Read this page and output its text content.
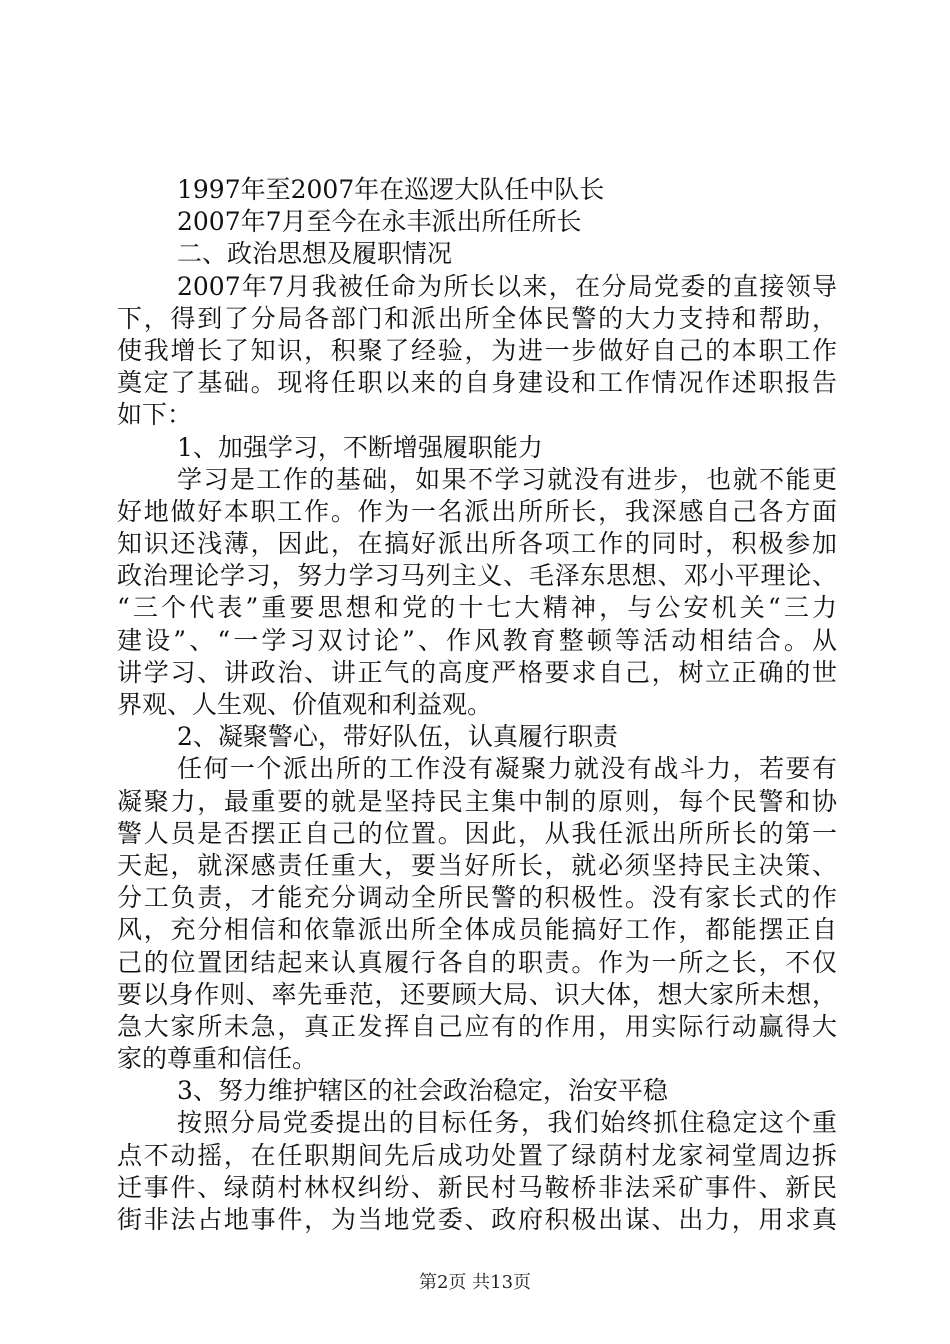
1997年至2007年在巡逻大队任中队长
2007年7月至今在永丰派出所任所长
二、政治思想及履职情况
2007年7月我被任命为所长以来，在分局党委的直接领导
下，得到了分局各部门和派出所全体民警的大力支持和帮助，
使我增长了知识，积聚了经验，为进一步做好自己的本职工作
奠定了基础。现将任职以来的自身建设和工作情况作述职报告
如下：
1、加强学习，不断增强履职能力
学习是工作的基础，如果不学习就没有进步，也就不能更
好地做好本职工作。作为一名派出所所长，我深感自己各方面
知识还浅薄，因此，在搞好派出所各项工作的同时，积极参加
政治理论学习，努力学习马列主义、毛泽东思想、邓小平理论、
“三个代表”重要思想和党的十七大精神，与公安机关“三力
建设”、“一学习双讨论”、作风教育整顿等活动相结合。从
讲学习、讲政治、讲正气的高度严格要求自己，树立正确的世
界观、人生观、价值观和利益观。
2、凝聚警心，带好队伍，认真履行职责
任何一个派出所的工作没有凝聚力就没有战斗力，若要有
凝聚力，最重要的就是坚持民主集中制的原则，每个民警和协
警人员是否摆正自己的位置。因此，从我任派出所所长的第一
天起，就深感责任重大，要当好所长，就必须坚持民主决策、
分工负责，才能充分调动全所民警的积极性。没有家长式的作
风，充分相信和依靠派出所全体成员能搞好工作，都能摆正自
己的位置团结起来认真履行各自的职责。作为一所之长，不仅
要以身作则、率先垂范，还要顾大局、识大体，想大家所未想，
急大家所未急，真正发挥自己应有的作用，用实际行动赢得大
家的尊重和信任。
3、努力维护辖区的社会政治稳定，治安平稳
按照分局党委提出的目标任务，我们始终抓住稳定这个重
点不动摇，在任职期间先后成功处置了绿荫村龙家祠堂周边拆
迁事件、绿荫村林权纠纷、新民村马鞍桥非法采矿事件、新民
街非法占地事件，为当地党委、政府积极出谋、出力，用求真
第2页 共13页
